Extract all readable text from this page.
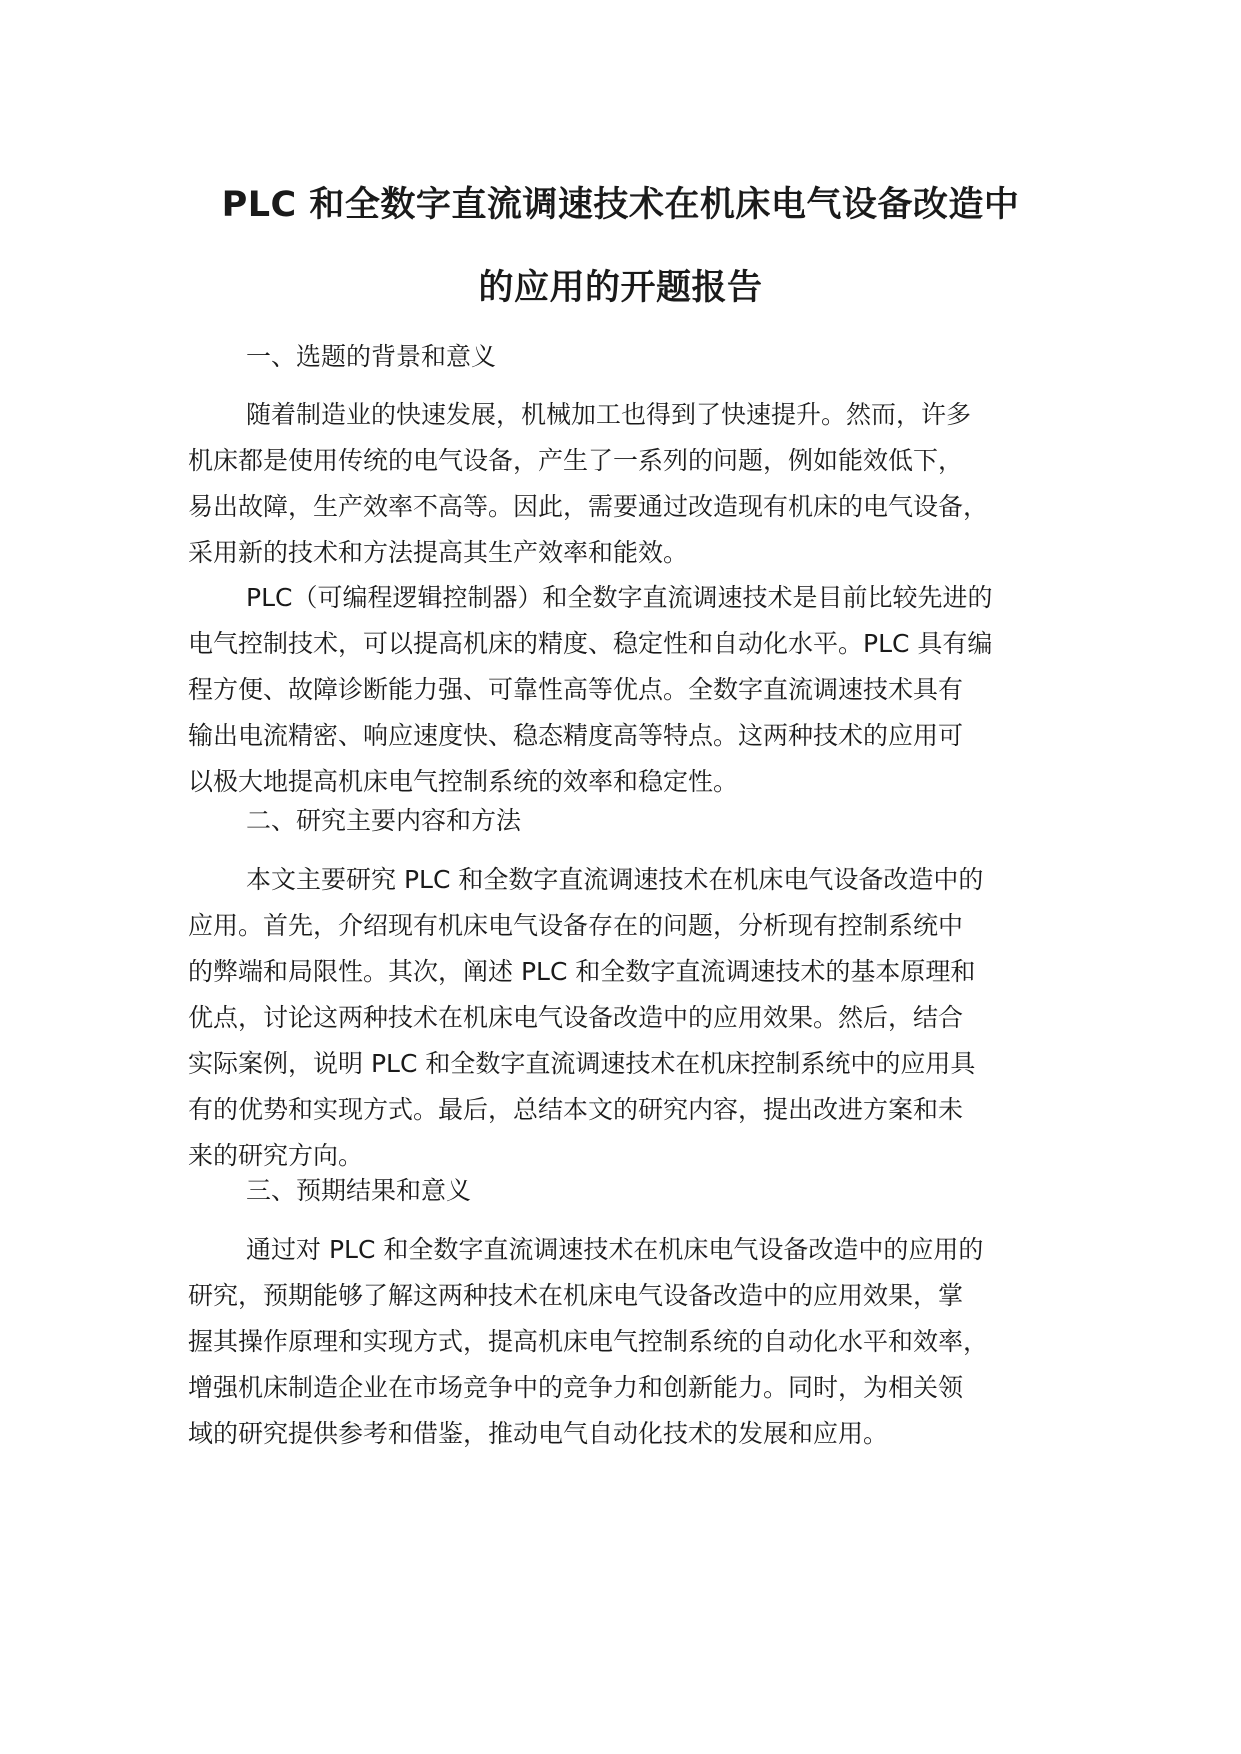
PLC 和全数字直流调速技术在机床电气设备改造中
的应用的开题报告
一、选题的背景和意义
随着制造业的快速发展，机械加工也得到了快速提升。然而，许多
机床都是使用传统的电气设备，产生了一系列的问题，例如能效低下，
易出故障，生产效率不高等。因此，需要通过改造现有机床的电气设备，
采用新的技术和方法提高其生产效率和能效。
PLC（可编程逻辑控制器）和全数字直流调速技术是目前比较先进的
电气控制技术，可以提高机床的精度、稳定性和自动化水平。PLC 具有编
程方便、故障诊断能力强、可靠性高等优点。全数字直流调速技术具有
输出电流精密、响应速度快、稳态精度高等特点。这两种技术的应用可
以极大地提高机床电气控制系统的效率和稳定性。
二、研究主要内容和方法
本文主要研究 PLC 和全数字直流调速技术在机床电气设备改造中的
应用。首先，介绍现有机床电气设备存在的问题，分析现有控制系统中
的弊端和局限性。其次，阐述 PLC 和全数字直流调速技术的基本原理和
优点，讨论这两种技术在机床电气设备改造中的应用效果。然后，结合
实际案例，说明 PLC 和全数字直流调速技术在机床控制系统中的应用具
有的优势和实现方式。最后，总结本文的研究内容，提出改进方案和未
来的研究方向。
三、预期结果和意义
通过对 PLC 和全数字直流调速技术在机床电气设备改造中的应用的
研究，预期能够了解这两种技术在机床电气设备改造中的应用效果，掌
握其操作原理和实现方式，提高机床电气控制系统的自动化水平和效率，
增强机床制造企业在市场竞争中的竞争力和创新能力。同时，为相关领
域的研究提供参考和借鉴，推动电气自动化技术的发展和应用。
